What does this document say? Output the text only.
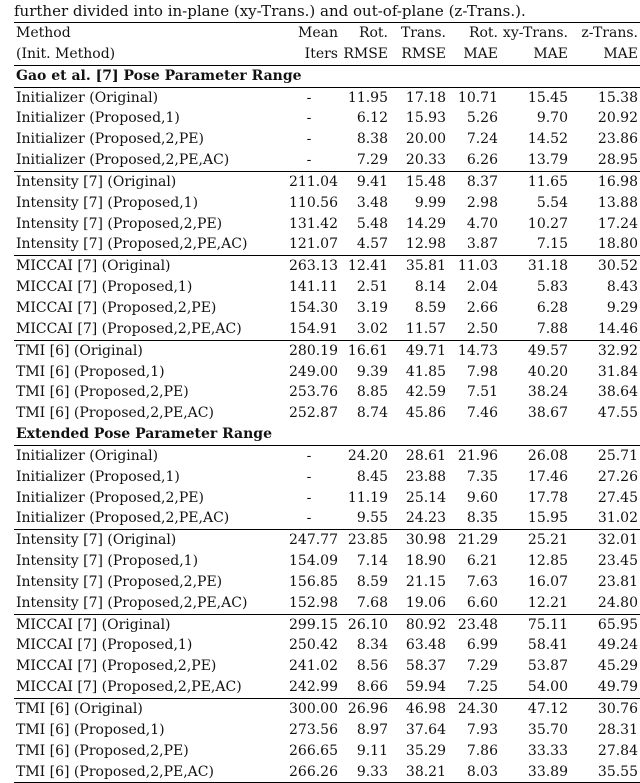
further divided into in-plane (xy-Trans.) and out-of-plane (z-Trans.).
Method	Mean	Rot.	Trans.	Rot.	xy-Trans.	z-Trans.
(Init. Method)	Iters	RMSE	RMSE	MAE	MAE	MAE
Gao et al. [7] Pose Parameter Range						
Initializer (Original)	-	11.95	17.18	10.71	15.45	15.38
Initializer (Proposed,1)	-	6.12	15.93	5.26	9.70	20.92
Initializer (Proposed,2,PE)	-	8.38	20.00	7.24	14.52	23.86
Initializer (Proposed,2,PE,AC)	-	7.29	20.33	6.26	13.79	28.95
Intensity [7] (Original)	211.04	9.41	15.48	8.37	11.65	16.98
Intensity [7] (Proposed,1)	110.56	3.48	9.99	2.98	5.54	13.88
Intensity [7] (Proposed,2,PE)	131.42	5.48	14.29	4.70	10.27	17.24
Intensity [7] (Proposed,2,PE,AC)	121.07	4.57	12.98	3.87	7.15	18.80
MICCAI [7] (Original)	263.13	12.41	35.81	11.03	31.18	30.52
MICCAI [7] (Proposed,1)	141.11	2.51	8.14	2.04	5.83	8.43
MICCAI [7] (Proposed,2,PE)	154.30	3.19	8.59	2.66	6.28	9.29
MICCAI [7] (Proposed,2,PE,AC)	154.91	3.02	11.57	2.50	7.88	14.46
TMI [6] (Original)	280.19	16.61	49.71	14.73	49.57	32.92
TMI [6] (Proposed,1)	249.00	9.39	41.85	7.98	40.20	31.84
TMI [6] (Proposed,2,PE)	253.76	8.85	42.59	7.51	38.24	38.64
TMI [6] (Proposed,2,PE,AC)	252.87	8.74	45.86	7.46	38.67	47.55
Extended Pose Parameter Range						
Initializer (Original)	-	24.20	28.61	21.96	26.08	25.71
Initializer (Proposed,1)	-	8.45	23.88	7.35	17.46	27.26
Initializer (Proposed,2,PE)	-	11.19	25.14	9.60	17.78	27.45
Initializer (Proposed,2,PE,AC)	-	9.55	24.23	8.35	15.95	31.02
Intensity [7] (Original)	247.77	23.85	30.98	21.29	25.21	32.01
Intensity [7] (Proposed,1)	154.09	7.14	18.90	6.21	12.85	23.45
Intensity [7] (Proposed,2,PE)	156.85	8.59	21.15	7.63	16.07	23.81
Intensity [7] (Proposed,2,PE,AC)	152.98	7.68	19.06	6.60	12.21	24.80
MICCAI [7] (Original)	299.15	26.10	80.92	23.48	75.11	65.95
MICCAI [7] (Proposed,1)	250.42	8.34	63.48	6.99	58.41	49.24
MICCAI [7] (Proposed,2,PE)	241.02	8.56	58.37	7.29	53.87	45.29
MICCAI [7] (Proposed,2,PE,AC)	242.99	8.66	59.94	7.25	54.00	49.79
TMI [6] (Original)	300.00	26.96	46.98	24.30	47.12	30.76
TMI [6] (Proposed,1)	273.56	8.97	37.64	7.93	35.70	28.31
TMI [6] (Proposed,2,PE)	266.65	9.11	35.29	7.86	33.33	27.84
TMI [6] (Proposed,2,PE,AC)	266.26	9.33	38.21	8.03	33.89	35.55
